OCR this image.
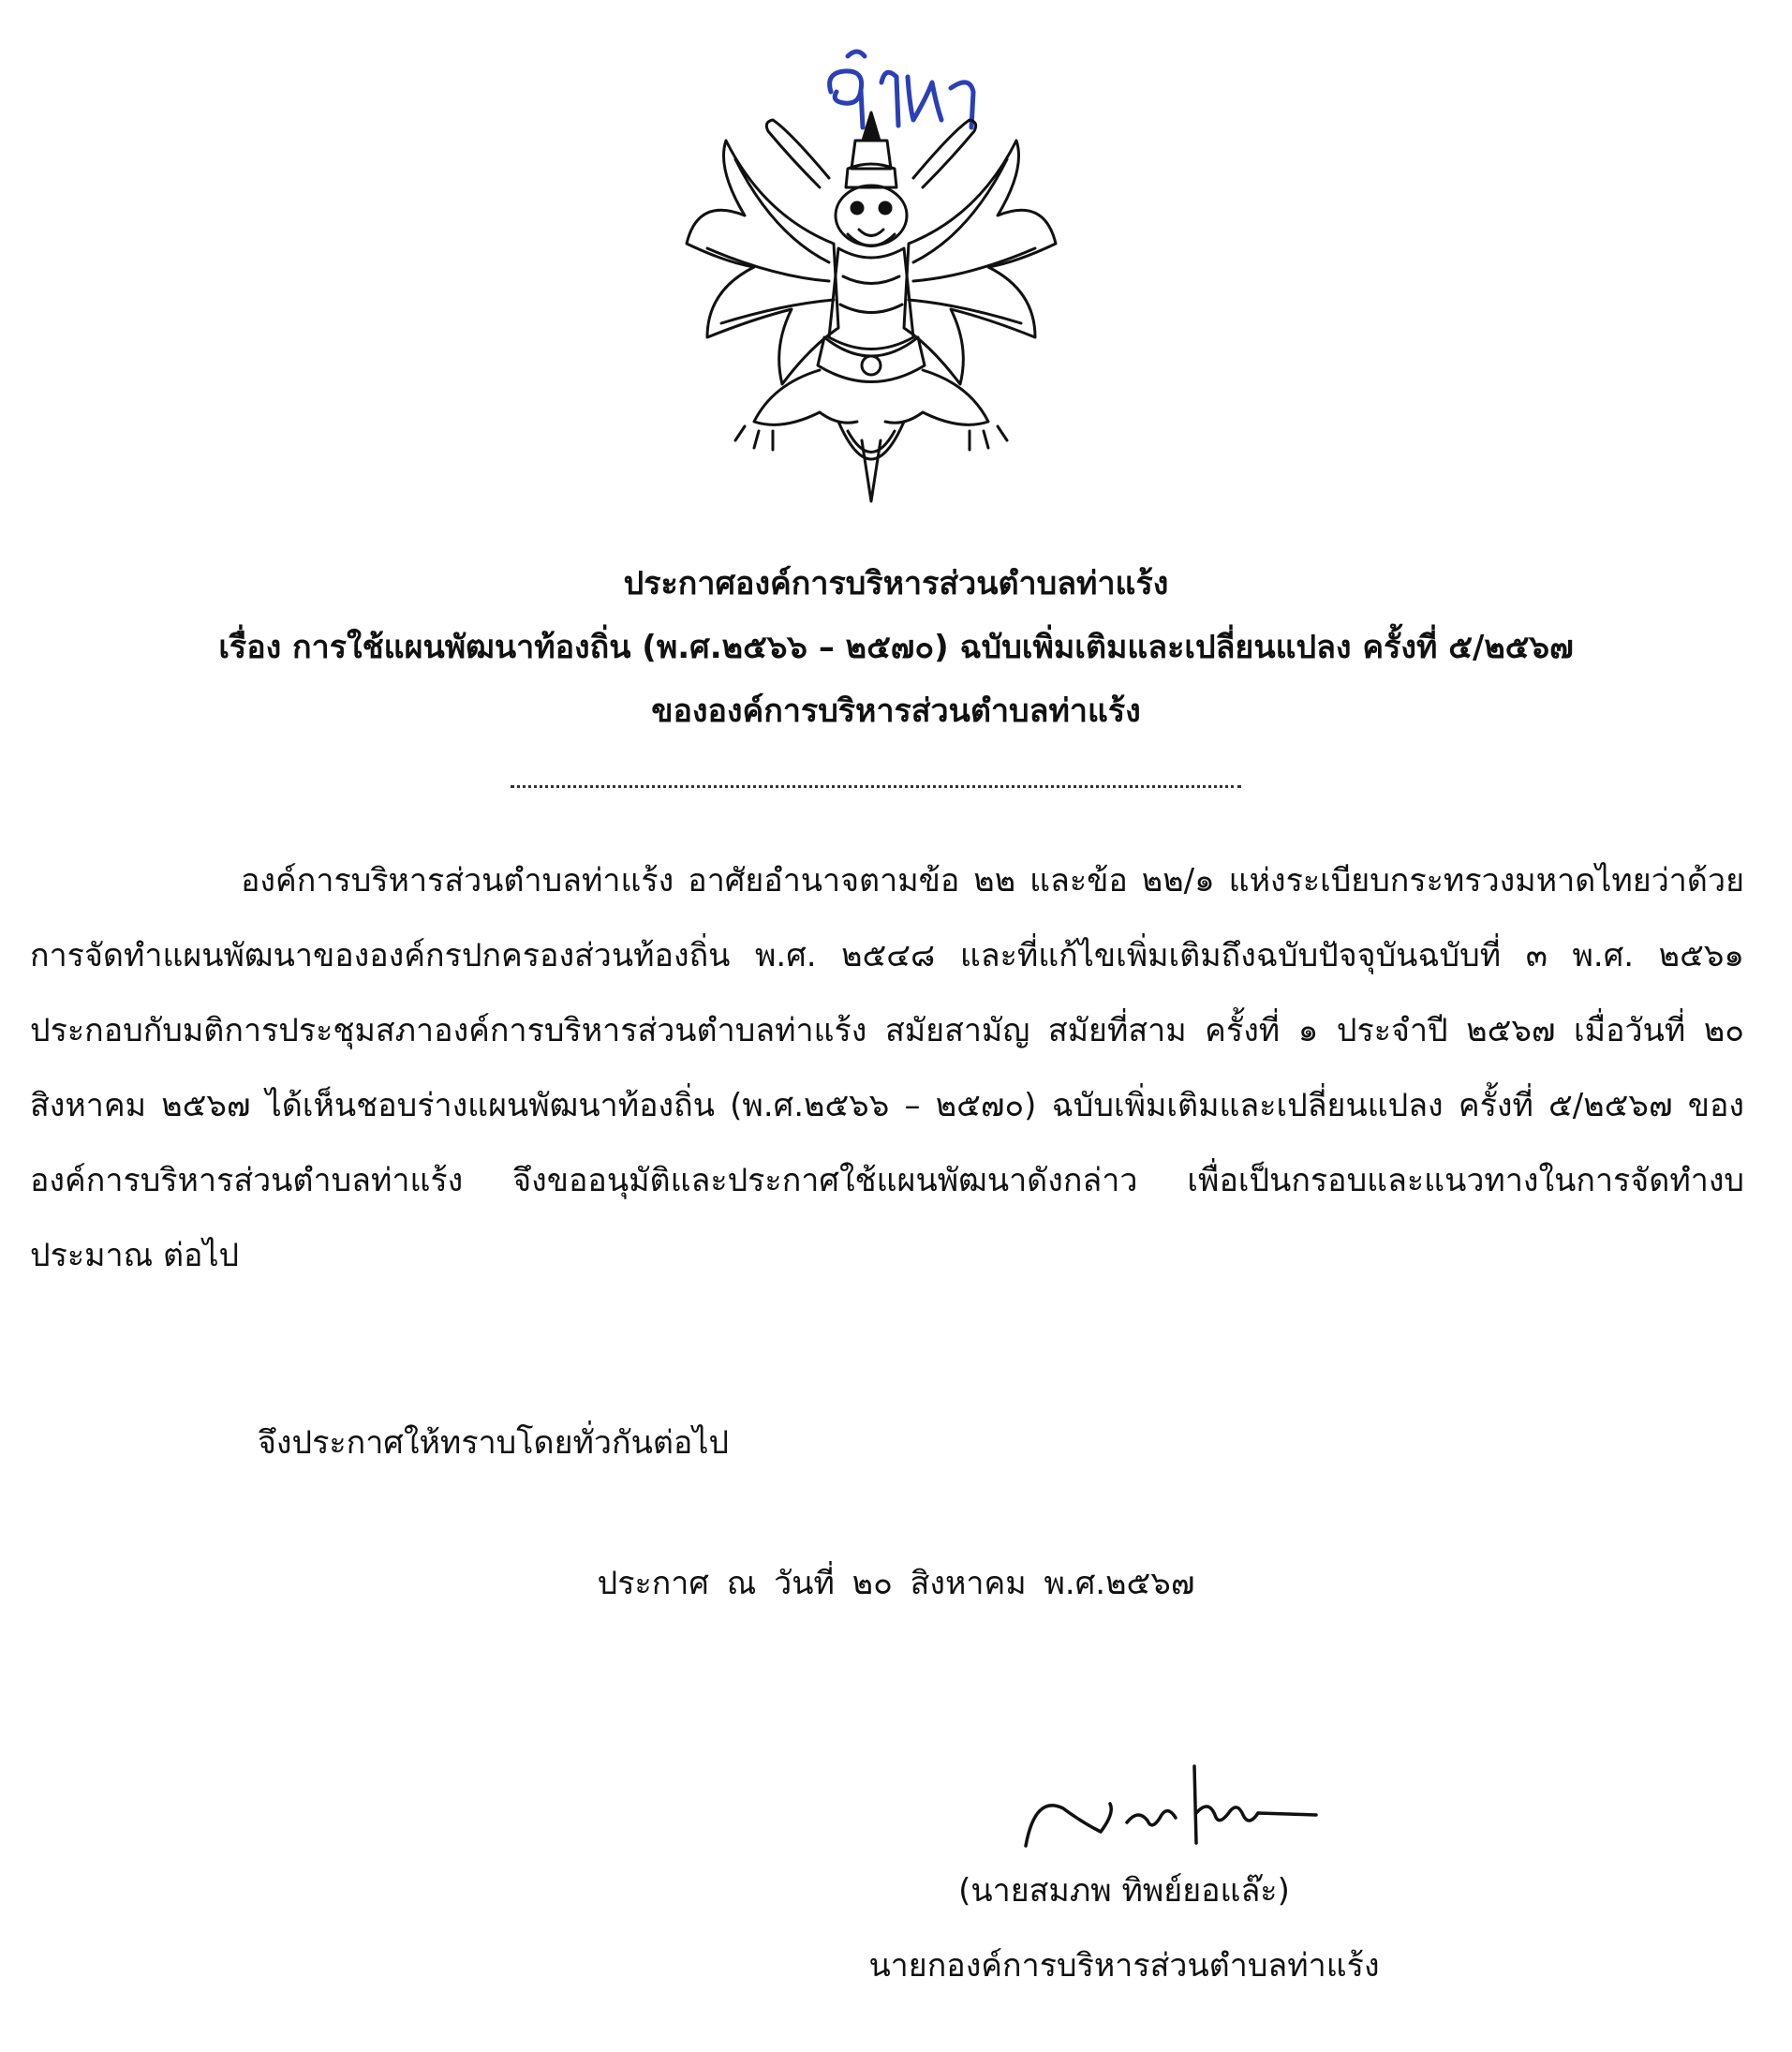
ประกาศองค์การบริหารส่วนตำบลท่าแร้ง
เรื่อง การใช้แผนพัฒนาท้องถิ่น (พ.ศ.๒๕๖๖ – ๒๕๗๐) ฉบับเพิ่มเติมและเปลี่ยนแปลง ครั้งที่ ๕/๒๕๖๗
ขององค์การบริหารส่วนตำบลท่าแร้ง
องค์การบริหารส่วนตำบลท่าแร้ง อาศัยอำนาจตามข้อ ๒๒ และข้อ ๒๒/๑ แห่งระเบียบกระทรวงมหาดไทยว่าด้วยการจัดทำแผนพัฒนาขององค์กรปกครองส่วนท้องถิ่น พ.ศ. ๒๕๔๘ และที่แก้ไขเพิ่มเติมถึงฉบับปัจจุบันฉบับที่ ๓ พ.ศ. ๒๕๖๑ ประกอบกับมติการประชุมสภาองค์การบริหารส่วนตำบลท่าแร้ง สมัยสามัญ สมัยที่สาม ครั้งที่ ๑ ประจำปี ๒๕๖๗ เมื่อวันที่ ๒๐ สิงหาคม ๒๕๖๗ ได้เห็นชอบร่างแผนพัฒนาท้องถิ่น (พ.ศ.๒๕๖๖ – ๒๕๗๐) ฉบับเพิ่มเติมและเปลี่ยนแปลง ครั้งที่ ๕/๒๕๖๗ ขององค์การบริหารส่วนตำบลท่าแร้ง จึงขออนุมัติและประกาศใช้แผนพัฒนาดังกล่าว เพื่อเป็นกรอบและแนวทางในการจัดทำงบประมาณ ต่อไป
จึงประกาศให้ทราบโดยทั่วกันต่อไป
ประกาศ ณ วันที่ ๒๐ สิงหาคม พ.ศ.๒๕๖๗
(นายสมภพ ทิพย์ยอแล๊ะ)
นายกองค์การบริหารส่วนตำบลท่าแร้ง
